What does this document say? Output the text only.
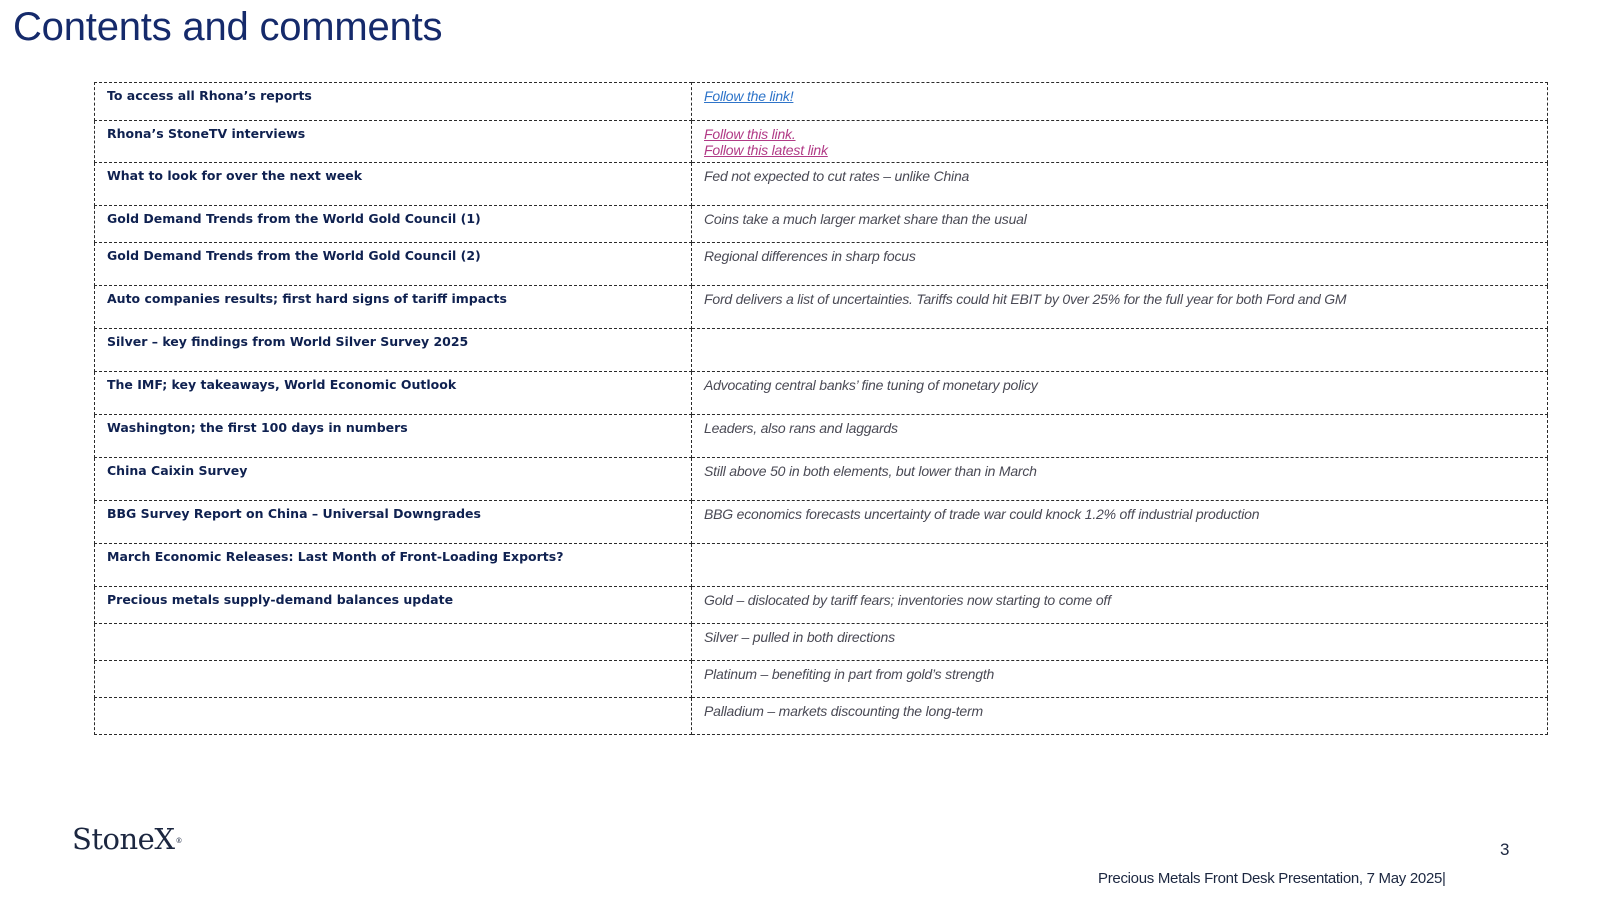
Contents and comments
To access all Rhona’s reports	Follow the link!

Rhona’s StoneTV interviews	Follow this link.
Follow this latest link

What to look for over the next week	Fed not expected to cut rates – unlike China
Gold Demand Trends from the World Gold Council (1)	Coins take a much larger market share than the usual
Gold Demand Trends from the World Gold Council (2)	Regional differences in sharp focus
Auto companies results; first hard signs of tariff impacts	Ford delivers a list of uncertainties. Tariffs could hit EBIT by 0ver 25% for the full year for both Ford and GM
Silver – key findings from World Silver Survey 2025	
The IMF; key takeaways, World Economic Outlook	Advocating central banks’ fine tuning of monetary policy
Washington; the first 100 days in numbers	Leaders, also rans and laggards
China Caixin Survey	Still above 50 in both elements, but lower than in March
BBG Survey Report on China – Universal Downgrades	BBG economics forecasts uncertainty of trade war could knock 1.2% off industrial production
March Economic Releases: Last Month of Front-Loading Exports?	
Precious metals supply-demand balances update	Gold – dislocated by tariff fears; inventories now starting to come off
	Silver – pulled in both directions
	Platinum – benefiting in part from gold’s strength
	Palladium – markets discounting the long-term
StoneX®	3
Precious Metals Front Desk Presentation, 7 May 2025|
